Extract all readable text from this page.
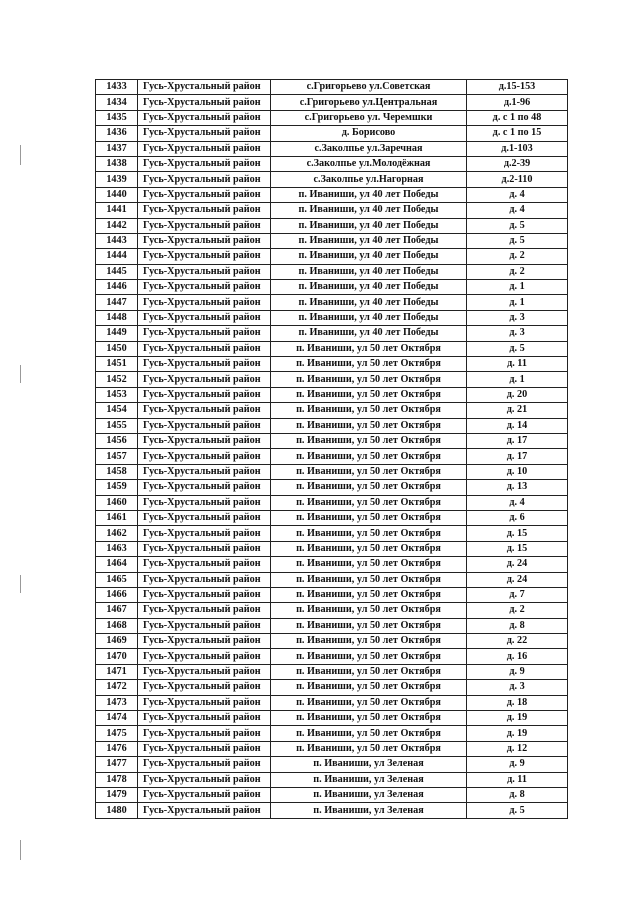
1433	Гусь-Хрустальный район	с.Григорьево ул.Советская	д.15-153
1434	Гусь-Хрустальный район	с.Григорьево ул.Центральная	д.1-96
1435	Гусь-Хрустальный район	с.Григорьево ул. Черемшки	д. с 1 по 48
1436	Гусь-Хрустальный район	д. Борисово	д. с 1 по 15
1437	Гусь-Хрустальный район	с.Заколпье ул.Заречная	д.1-103
1438	Гусь-Хрустальный район	с.Заколпье ул.Молодёжная	д.2-39
1439	Гусь-Хрустальный район	с.Заколпье ул.Нагорная	д.2-110
1440	Гусь-Хрустальный район	п. Иваниши, ул 40 лет Победы	д. 4
1441	Гусь-Хрустальный район	п. Иваниши, ул 40 лет Победы	д. 4
1442	Гусь-Хрустальный район	п. Иваниши, ул 40 лет Победы	д. 5
1443	Гусь-Хрустальный район	п. Иваниши, ул 40 лет Победы	д. 5
1444	Гусь-Хрустальный район	п. Иваниши, ул 40 лет Победы	д. 2
1445	Гусь-Хрустальный район	п. Иваниши, ул 40 лет Победы	д. 2
1446	Гусь-Хрустальный район	п. Иваниши, ул 40 лет Победы	д. 1
1447	Гусь-Хрустальный район	п. Иваниши, ул 40 лет Победы	д. 1
1448	Гусь-Хрустальный район	п. Иваниши, ул 40 лет Победы	д. 3
1449	Гусь-Хрустальный район	п. Иваниши, ул 40 лет Победы	д. 3
1450	Гусь-Хрустальный район	п. Иваниши, ул 50 лет Октября	д. 5
1451	Гусь-Хрустальный район	п. Иваниши, ул 50 лет Октября	д. 11
1452	Гусь-Хрустальный район	п. Иваниши, ул 50 лет Октября	д. 1
1453	Гусь-Хрустальный район	п. Иваниши, ул 50 лет Октября	д. 20
1454	Гусь-Хрустальный район	п. Иваниши, ул 50 лет Октября	д. 21
1455	Гусь-Хрустальный район	п. Иваниши, ул 50 лет Октября	д. 14
1456	Гусь-Хрустальный район	п. Иваниши, ул 50 лет Октября	д. 17
1457	Гусь-Хрустальный район	п. Иваниши, ул 50 лет Октября	д. 17
1458	Гусь-Хрустальный район	п. Иваниши, ул 50 лет Октября	д. 10
1459	Гусь-Хрустальный район	п. Иваниши, ул 50 лет Октября	д. 13
1460	Гусь-Хрустальный район	п. Иваниши, ул 50 лет Октября	д. 4
1461	Гусь-Хрустальный район	п. Иваниши, ул 50 лет Октября	д. 6
1462	Гусь-Хрустальный район	п. Иваниши, ул 50 лет Октября	д. 15
1463	Гусь-Хрустальный район	п. Иваниши, ул 50 лет Октября	д. 15
1464	Гусь-Хрустальный район	п. Иваниши, ул 50 лет Октября	д. 24
1465	Гусь-Хрустальный район	п. Иваниши, ул 50 лет Октября	д. 24
1466	Гусь-Хрустальный район	п. Иваниши, ул 50 лет Октября	д. 7
1467	Гусь-Хрустальный район	п. Иваниши, ул 50 лет Октября	д. 2
1468	Гусь-Хрустальный район	п. Иваниши, ул 50 лет Октября	д. 8
1469	Гусь-Хрустальный район	п. Иваниши, ул 50 лет Октября	д. 22
1470	Гусь-Хрустальный район	п. Иваниши, ул 50 лет Октября	д. 16
1471	Гусь-Хрустальный район	п. Иваниши, ул 50 лет Октября	д. 9
1472	Гусь-Хрустальный район	п. Иваниши, ул 50 лет Октября	д. 3
1473	Гусь-Хрустальный район	п. Иваниши, ул 50 лет Октября	д. 18
1474	Гусь-Хрустальный район	п. Иваниши, ул 50 лет Октября	д. 19
1475	Гусь-Хрустальный район	п. Иваниши, ул 50 лет Октября	д. 19
1476	Гусь-Хрустальный район	п. Иваниши, ул 50 лет Октября	д. 12
1477	Гусь-Хрустальный район	п. Иваниши, ул Зеленая	д. 9
1478	Гусь-Хрустальный район	п. Иваниши, ул Зеленая	д. 11
1479	Гусь-Хрустальный район	п. Иваниши, ул Зеленая	д. 8
1480	Гусь-Хрустальный район	п. Иваниши, ул Зеленая	д. 5
